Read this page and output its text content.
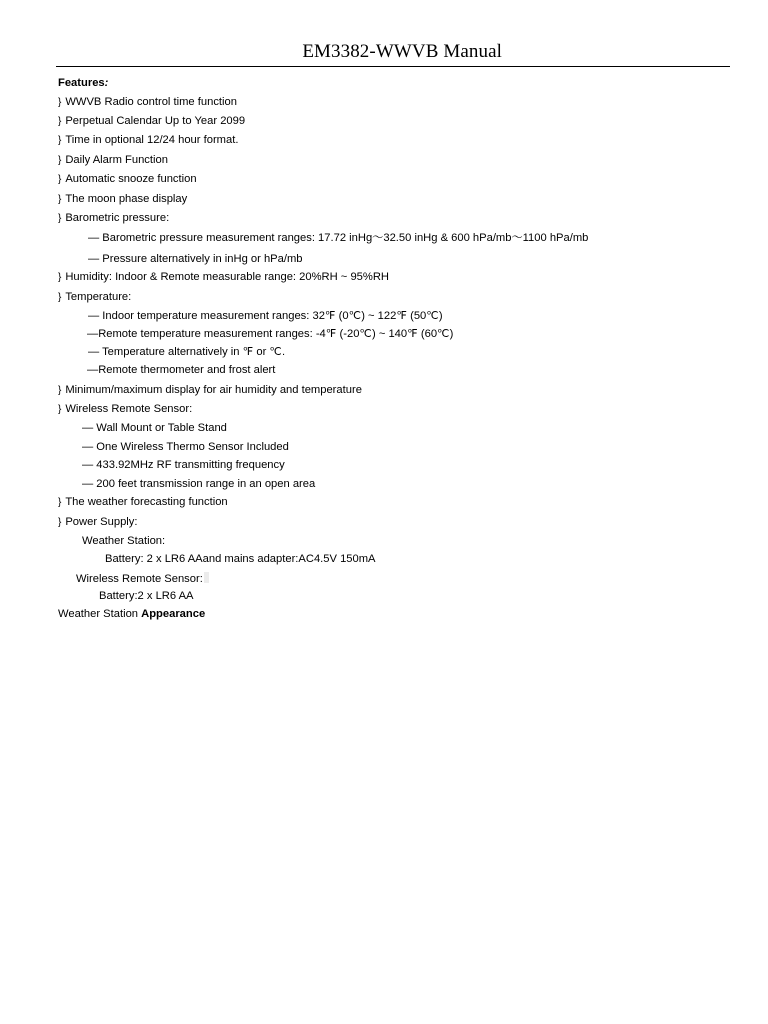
EM3382-WWVB Manual
Features:
} WWVB Radio control time function
} Perpetual Calendar Up to Year 2099
} Time in optional 12/24 hour format.
} Daily Alarm Function
} Automatic snooze function
} The moon phase display
} Barometric pressure:
— Barometric pressure measurement ranges: 17.72 inHg～32.50 inHg & 600 hPa/mb～1100 hPa/mb
— Pressure alternatively in inHg or hPa/mb
} Humidity: Indoor & Remote measurable range: 20%RH ~ 95%RH
} Temperature:
— Indoor temperature measurement ranges: 32℉ (0℃) ~ 122℉ (50℃)
—Remote temperature measurement ranges: -4℉ (-20℃) ~ 140℉ (60℃)
— Temperature alternatively in ℉ or ℃.
—Remote thermometer and frost alert
} Minimum/maximum display for air humidity and temperature
} Wireless Remote Sensor:
— Wall Mount or Table Stand
— One Wireless Thermo Sensor Included
— 433.92MHz RF transmitting frequency
— 200 feet transmission range in an open area
} The weather forecasting function
} Power Supply:
Weather Station:
Battery: 2 x LR6 AAand mains adapter:AC4.5V 150mA
Wireless Remote Sensor:
Battery:2 x LR6 AA
Weather Station Appearance
